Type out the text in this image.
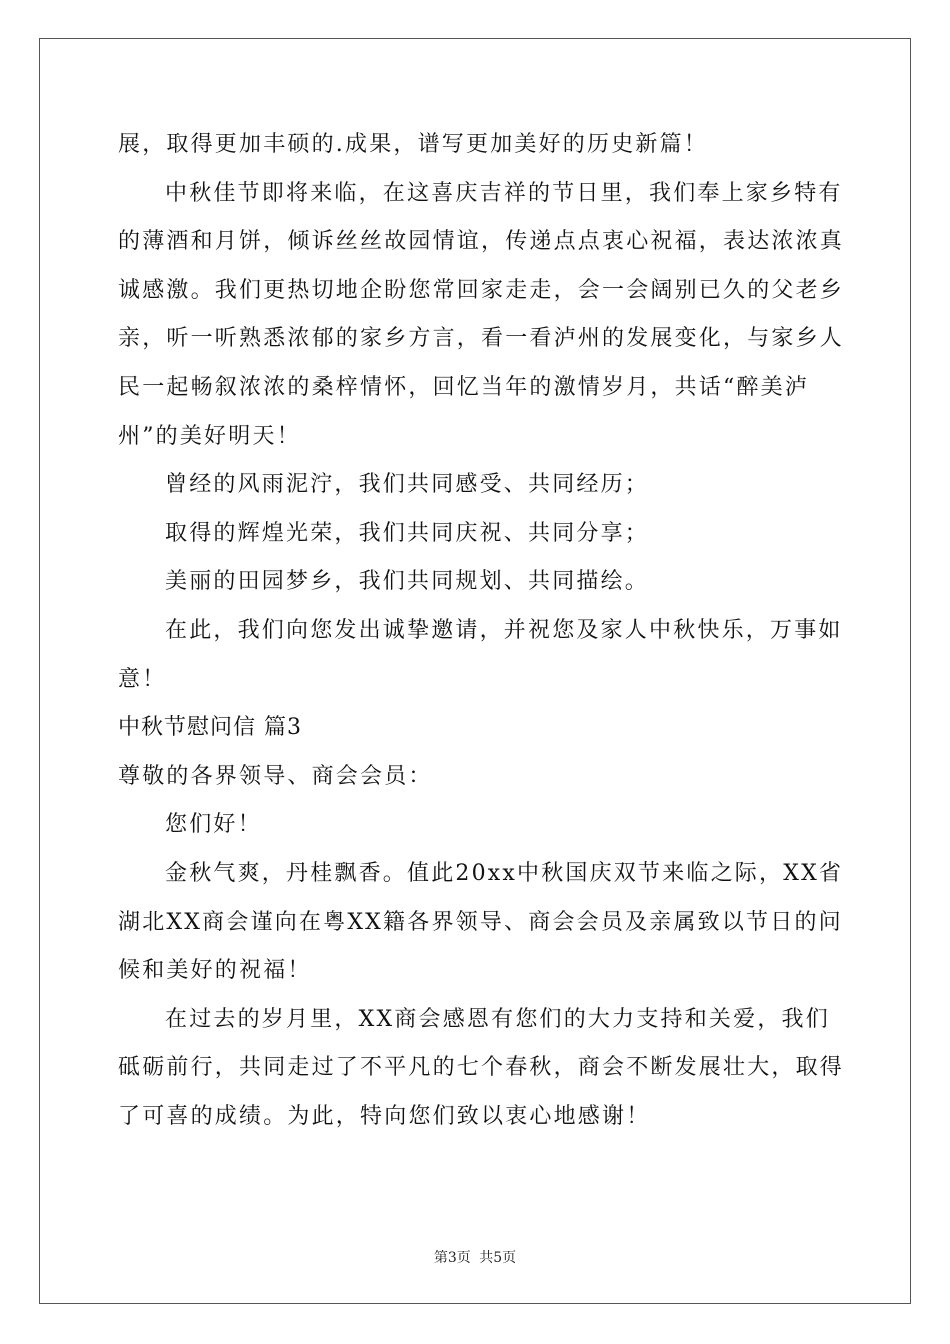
展，取得更加丰硕的.成果，谱写更加美好的历史新篇！
中秋佳节即将来临，在这喜庆吉祥的节日里，我们奉上家乡特有
的薄酒和月饼，倾诉丝丝故园情谊，传递点点衷心祝福，表达浓浓真
诚感激。我们更热切地企盼您常回家走走，会一会阔别已久的父老乡
亲，听一听熟悉浓郁的家乡方言，看一看泸州的发展变化，与家乡人
民一起畅叙浓浓的桑梓情怀，回忆当年的激情岁月，共话“醉美泸
州”的美好明天！
曾经的风雨泥泞，我们共同感受、共同经历；
取得的辉煌光荣，我们共同庆祝、共同分享；
美丽的田园梦乡，我们共同规划、共同描绘。
在此，我们向您发出诚挚邀请，并祝您及家人中秋快乐，万事如
意！
中秋节慰问信 篇3
尊敬的各界领导、商会会员：
您们好！
金秋气爽，丹桂飘香。值此20xx中秋国庆双节来临之际，XX省
湖北XX商会谨向在粤XX籍各界领导、商会会员及亲属致以节日的问
候和美好的祝福！
在过去的岁月里，XX商会感恩有您们的大力支持和关爱，我们
砥砺前行，共同走过了不平凡的七个春秋，商会不断发展壮大，取得
了可喜的成绩。为此，特向您们致以衷心地感谢！
第3页 共5页
